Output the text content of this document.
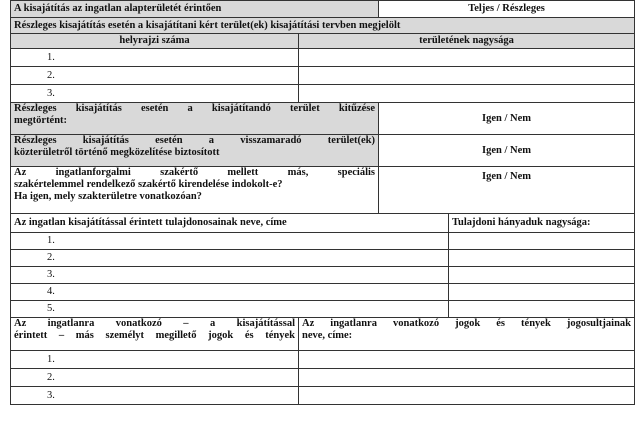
A kisajátítás az ingatlan alapterületét érintően		Teljes / Részleges	
Részleges kisajátítás esetén a kisajátítani kért terület(ek) kisajátítási tervben megjelölt			
helyrajzi száma	területének nagysága		
1.			
2.			
3.			

Részleges kisajátítás esetén a kisajátítandó terület kitűzése
megtörtént:		Igen / Nem	

Részleges kisajátítás esetén a visszamaradó terület(ek)
közterületről történő megközelítése biztosított		Igen / Nem	

Az ingatlanforgalmi szakértő mellett más, speciális
szakértelemmel rendelkező szakértő kirendelése indokolt-e?
Ha igen, mely szakterületre vonatkozóan?		Igen / Nem	
Az ingatlan kisajátítással érintett tulajdonosainak neve, címe			Tulajdoni hányaduk nagysága:
1.			
2.			
3.			
4.			
5.			

Az ingatlanra vonatkozó – a kisajátítással
érintett – más személyt megillető jogok és tények	Az ingatlanra vonatkozó jogok és tények jogosultjainak
neve, címe:		

1.			
2.			
3.			
